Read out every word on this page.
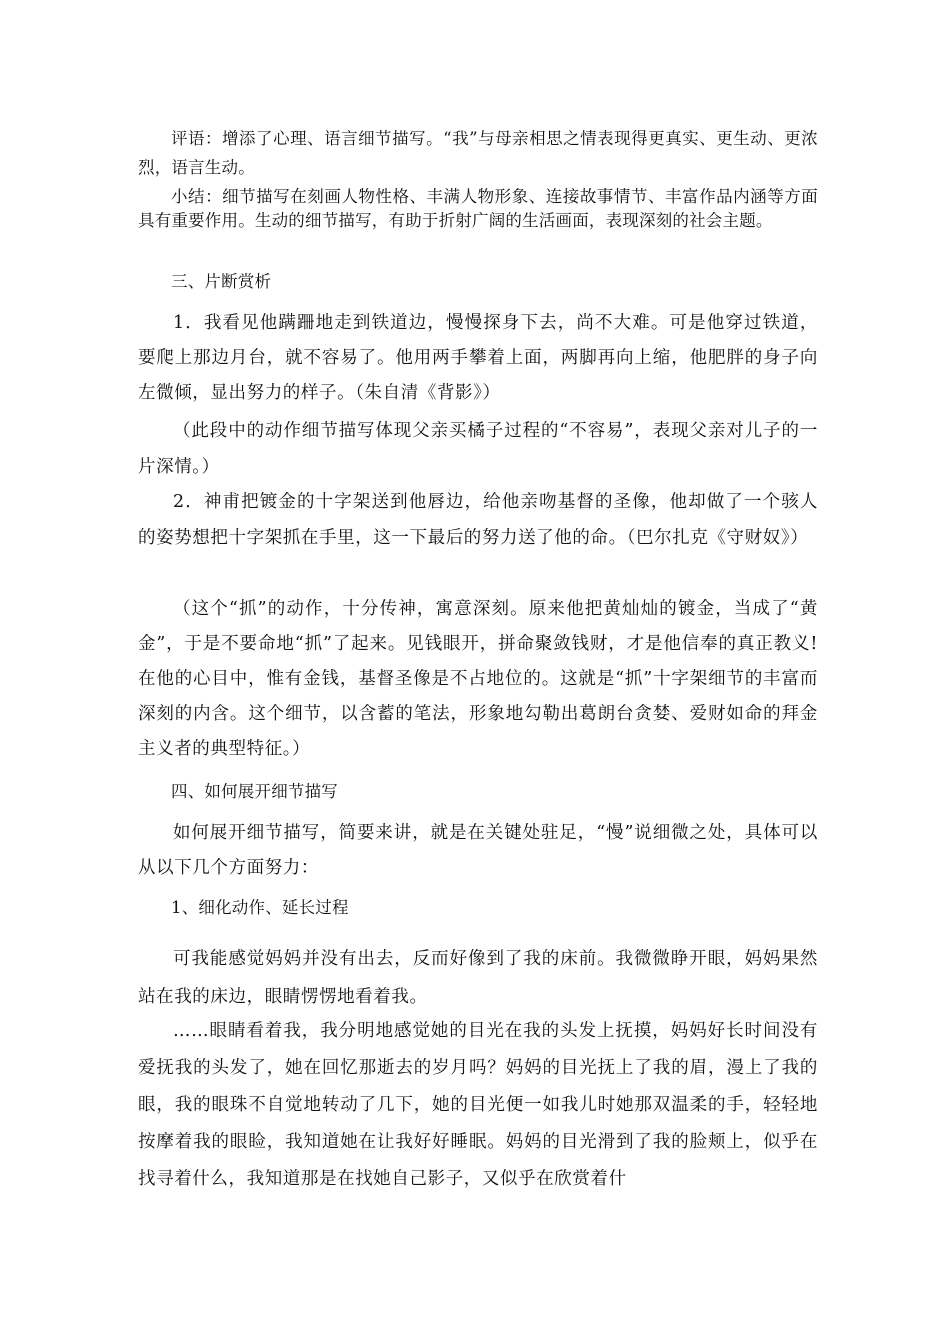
评语：增添了心理、语言细节描写。“我”与母亲相思之情表现得更真实、更生动、更浓烈，语言生动。

小结：细节描写在刻画人物性格、丰满人物形象、连接故事情节、丰富作品内涵等方面具有重要作用。生动的细节描写，有助于折射广阔的生活画面，表现深刻的社会主题。

三、片断赏析

1．我看见他蹒跚地走到铁道边，慢慢探身下去，尚不大难。可是他穿过铁道，要爬上那边月台，就不容易了。他用两手攀着上面，两脚再向上缩，他肥胖的身子向左微倾，显出努力的样子。（朱自清《背影》）

（此段中的动作细节描写体现父亲买橘子过程的“不容易”，表现父亲对儿子的一片深情。）

2．神甫把镀金的十字架送到他唇边，给他亲吻基督的圣像，他却做了一个骇人的姿势想把十字架抓在手里，这一下最后的努力送了他的命。（巴尔扎克《守财奴》）

（这个“抓”的动作，十分传神，寓意深刻。原来他把黄灿灿的镀金，当成了“黄金”，于是不要命地“抓”了起来。见钱眼开，拼命聚敛钱财，才是他信奉的真正教义!在他的心目中，惟有金钱，基督圣像是不占地位的。这就是“抓”十字架细节的丰富而深刻的内含。这个细节，以含蓄的笔法，形象地勾勒出葛朗台贪婪、爱财如命的拜金主义者的典型特征。）

四、如何展开细节描写

如何展开细节描写，简要来讲，就是在关键处驻足，“慢”说细微之处，具体可以从以下几个方面努力：

1、细化动作、延长过程

可我能感觉妈妈并没有出去，反而好像到了我的床前。我微微睁开眼，妈妈果然站在我的床边，眼睛愣愣地看着我。

……眼睛看着我，我分明地感觉她的目光在我的头发上抚摸，妈妈好长时间没有爱抚我的头发了，她在回忆那逝去的岁月吗？妈妈的目光抚上了我的眉，漫上了我的眼，我的眼珠不自觉地转动了几下，她的目光便一如我儿时她那双温柔的手，轻轻地按摩着我的眼睑，我知道她在让我好好睡眠。妈妈的目光滑到了我的脸颊上，似乎在找寻着什么，我知道那是在找她自己影子，又似乎在欣赏着什
